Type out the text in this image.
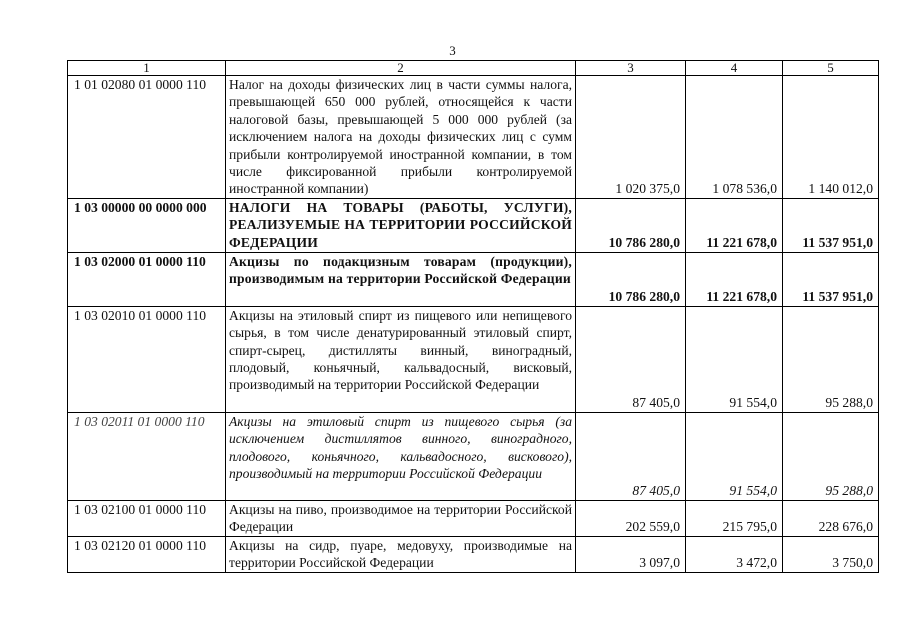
3
1	2	3	4	5
1 01 02080 01 0000 110	Налог на доходы физических лиц в части суммы налога, превышающей 650 000 рублей, относящейся к части налоговой базы, превышающей 5 000 000 рублей (за исключением налога на доходы физических лиц с сумм прибыли контролируемой иностранной компании, в том числе фиксированной прибыли контролируемой иностранной компании)	1 020 375,0	1 078 536,0	1 140 012,0
1 03 00000 00 0000 000	НАЛОГИ НА ТОВАРЫ (РАБОТЫ, УСЛУГИ), РЕАЛИЗУЕМЫЕ НА ТЕРРИТОРИИ РОССИЙСКОЙ ФЕДЕРАЦИИ	10 786 280,0	11 221 678,0	11 537 951,0
1 03 02000 01 0000 110	Акцизы по подакцизным товарам (продукции), производимым на территории Российской Федерации	10 786 280,0	11 221 678,0	11 537 951,0
1 03 02010 01 0000 110	Акцизы на этиловый спирт из пищевого или непищевого сырья, в том числе денатурированный этиловый спирт, спирт-сырец, дистилляты винный, виноградный, плодовый, коньячный, кальвадосный, висковый, производимый на территории Российской Федерации	87 405,0	91 554,0	95 288,0
1 03 02011 01 0000 110	Акцизы на этиловый спирт из пищевого сырья (за исключением дистиллятов винного, виноградного, плодового, коньячного, кальвадосного, вискового), производимый на территории Российской Федерации	87 405,0	91 554,0	95 288,0
1 03 02100 01 0000 110	Акцизы на пиво, производимое на территории Российской Федерации	202 559,0	215 795,0	228 676,0
1 03 02120 01 0000 110	Акцизы на сидр, пуаре, медовуху, производимые на территории Российской Федерации	3 097,0	3 472,0	3 750,0
